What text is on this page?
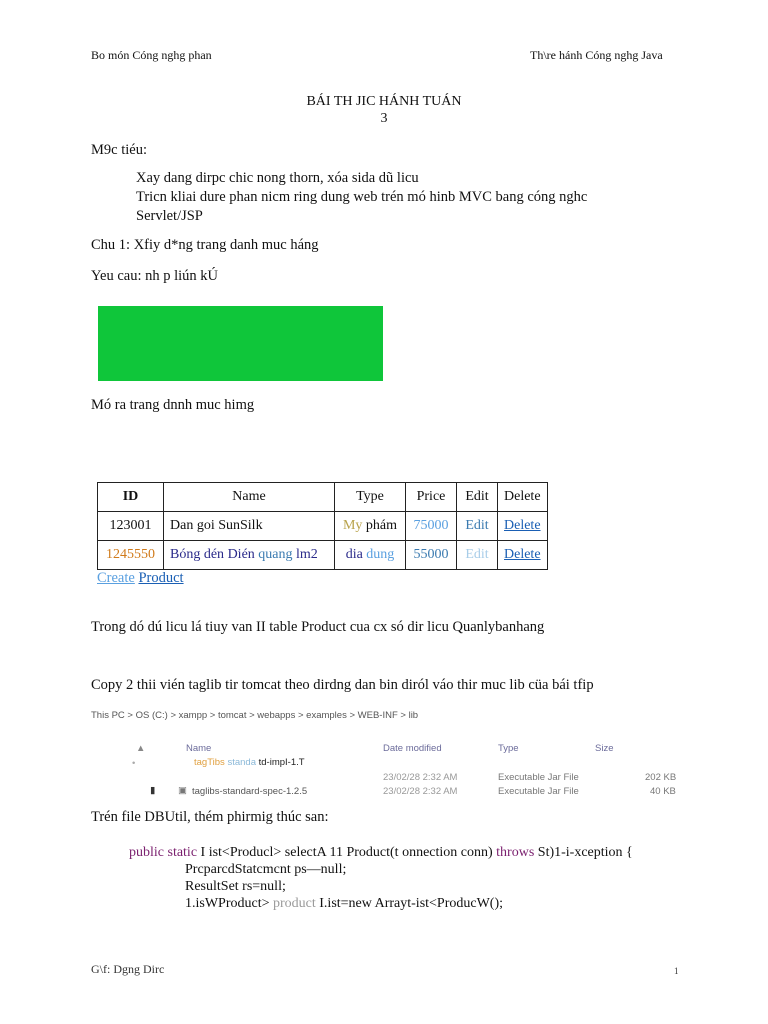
Bo món Cóng nghg phan	Th\re hánh Cóng nghg Java
BÁI TH JIC HÁNH TUÁN
3
M9c tiéu:
Xay dang dirpc chic nong thorn, xóa sida dũ licu
Tricn kliai dure phan nicm ring dung web trén mó hinb MVC bang cóng nghc
Servlet/JSP
Chu 1: Xfiy d*ng trang danh muc háng
Yeu cau: nh p liún kÚ
Mó ra trang dnnh muc himg
ID	Name	Type	Price	Edit	Delete
123001	Dan goi SunSilk	My phám	75000	Edit	Delete
1245550	Bóng dén Dién quang lm2	dia dung	55000	Edit	Delete
Create Product
Trong dó dú licu lá tiuy van II table Product cua cx só dir licu Quanlybanhang
Copy 2 thii vién taglib tir tomcat theo dirdng dan bin diról váo thir muc lib cüa bái tfip
This PC > OS (C:) > xampp > tomcat > webapps > examples > WEB-INF > lib
▲	Name	Date modified	Type	Size
•	tagTibs standa td-impI-1.T
23/02/28 2:32 AM	Executable Jar File	202 KB
▮ ▣ taglibs-standard-spec-1.2.5	23/02/28 2:32 AM	Executable Jar File	40 KB
Trén file DBUtil, thém phirmig thúc san:
public static I ist<Producl> selectA 11 Product(t onnection conn) throws St)1-i-xception {
PrcparcdStatcmcnt ps—null;
ResultSet rs=null;
1.isWProduct> product I.ist=new Arrayt-ist<ProducW();
G\f: Dgng Dirc	1
